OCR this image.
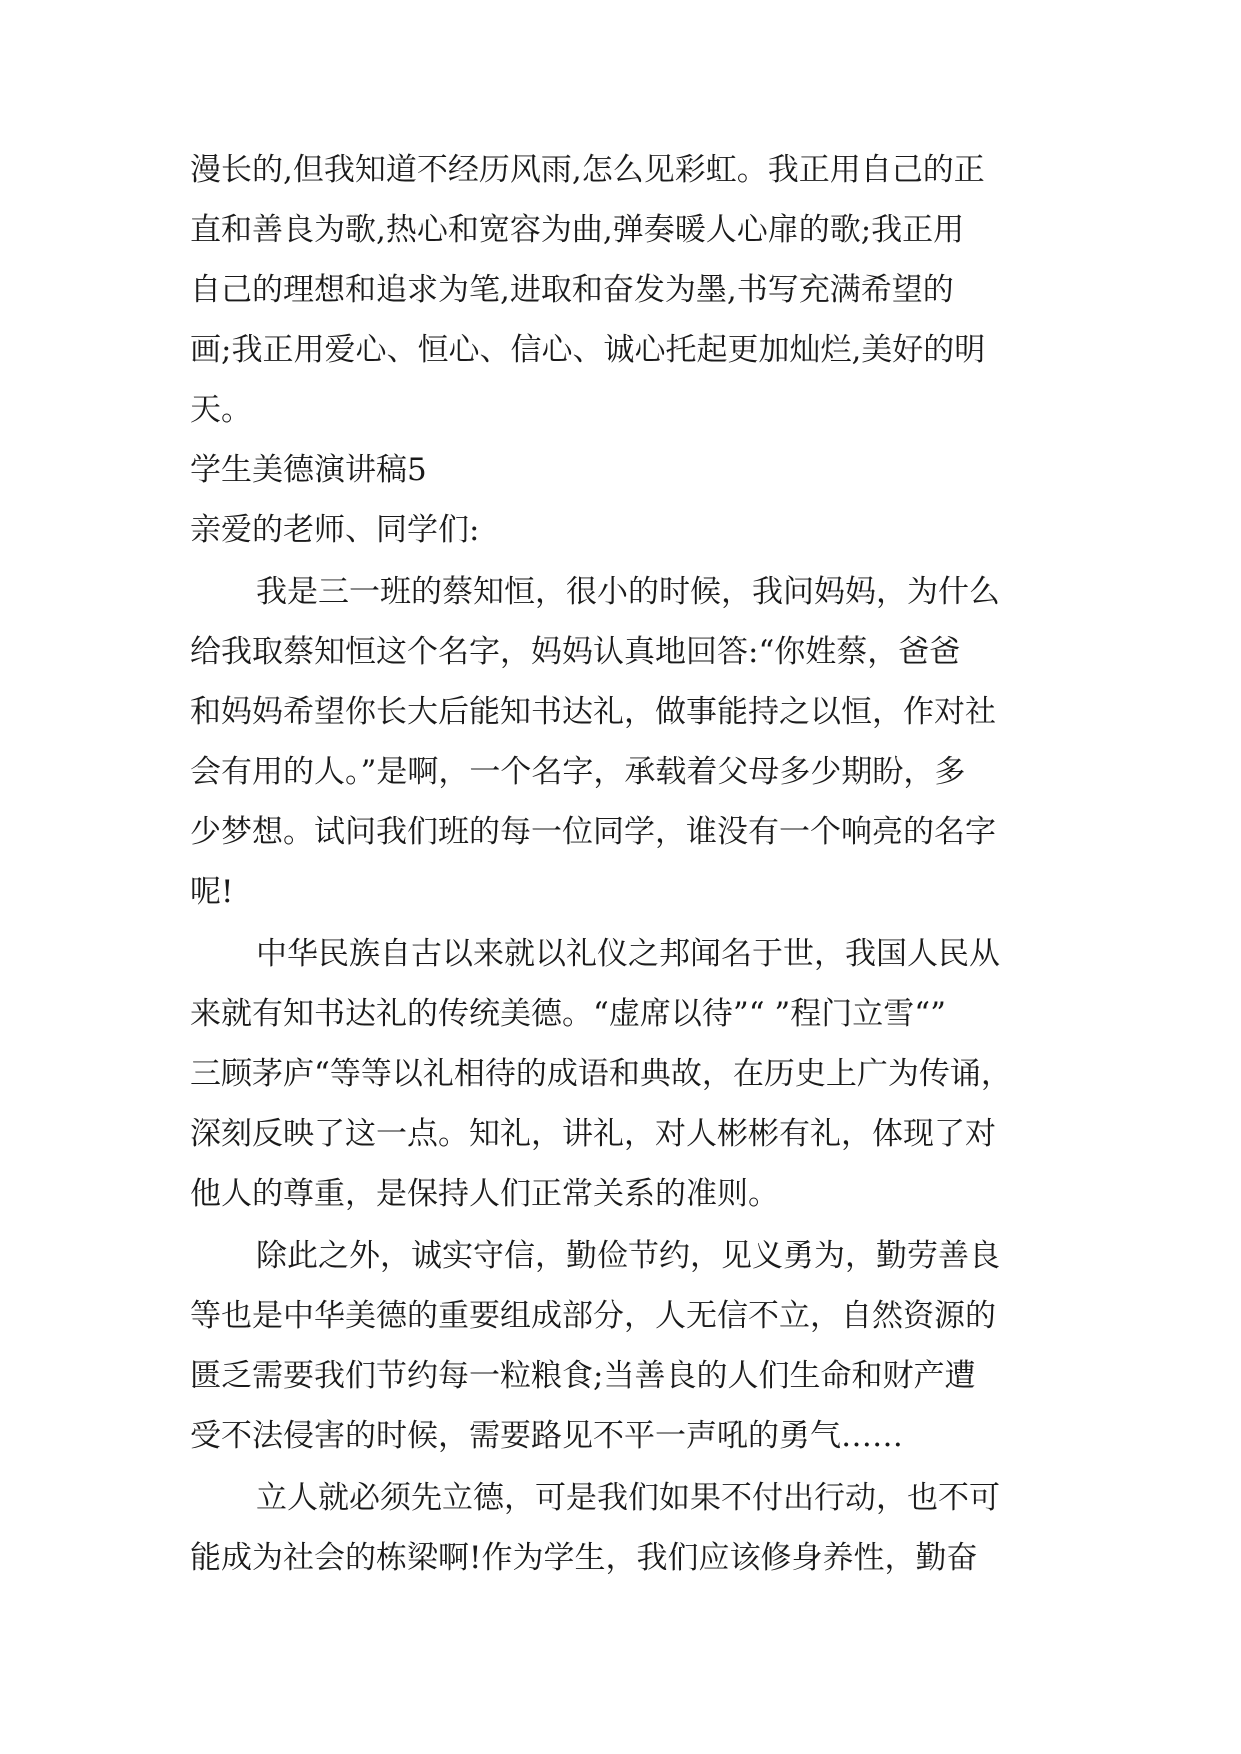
漫长的,但我知道不经历风雨,怎么见彩虹。我正用自己的正

直和善良为歌,热心和宽容为曲,弹奏暖人心扉的歌;我正用

自己的理想和追求为笔,进取和奋发为墨,书写充满希望的

画;我正用爱心、恒心、信心、诚心托起更加灿烂,美好的明

天。

学生美德演讲稿5

亲爱的老师、同学们:

我是三一班的蔡知恒，很小的时候，我问妈妈，为什么

给我取蔡知恒这个名字，妈妈认真地回答:“你姓蔡，爸爸

和妈妈希望你长大后能知书达礼，做事能持之以恒，作对社

会有用的人。”是啊，一个名字，承载着父母多少期盼，多

少梦想。试问我们班的每一位同学，谁没有一个响亮的名字

呢!

中华民族自古以来就以礼仪之邦闻名于世，我国人民从

来就有知书达礼的传统美德。“虚席以待”“ ”程门立雪“”

三顾茅庐“等等以礼相待的成语和典故，在历史上广为传诵，

深刻反映了这一点。知礼，讲礼，对人彬彬有礼，体现了对

他人的尊重，是保持人们正常关系的准则。

除此之外，诚实守信，勤俭节约，见义勇为，勤劳善良

等也是中华美德的重要组成部分，人无信不立，自然资源的

匮乏需要我们节约每一粒粮食;当善良的人们生命和财产遭

受不法侵害的时候，需要路见不平一声吼的勇气……

立人就必须先立德，可是我们如果不付出行动，也不可

能成为社会的栋梁啊!作为学生，我们应该修身养性，勤奋
